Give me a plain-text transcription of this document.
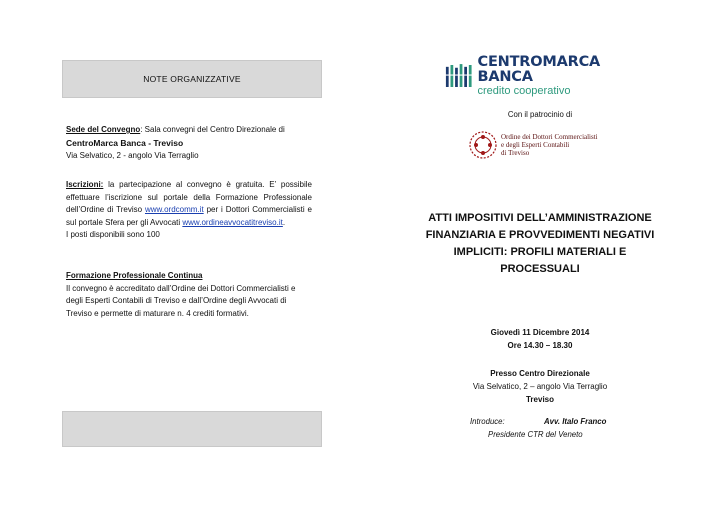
NOTE ORGANIZZATIVE
Sede del Convegno: Sala convegni del Centro Direzionale di
CentroMarca Banca - Treviso
Via Selvatico, 2 - angolo Via Terraglio
Iscrizioni: la partecipazione al convegno è gratuita. E’ possibile effettuare l’iscrizione sul portale della Formazione Professionale dell’Ordine di Treviso www.ordcomm.it per i Dottori Commercialisti e sul portale Sfera per gli Avvocati www.ordineavvocatitreviso.it.
I posti disponibili sono 100
Formazione Professionale Continua
Il convegno è accreditato dall’Ordine dei Dottori Commercialisti e degli Esperti Contabili di Treviso e dall’Ordine degli Avvocati di Treviso e permette di maturare n. 4 crediti formativi.
CENTROMARCA BANCA
credito cooperativo
Con il patrocinio di
Ordine dei Dottori Commercialisti
e degli Esperti Contabili
di Treviso
ATTI IMPOSITIVI DELL’AMMINISTRAZIONE
FINANZIARIA E PROVVEDIMENTI NEGATIVI
IMPLICITI: PROFILI MATERIALI E
PROCESSUALI
Giovedì 11 Dicembre 2014
Ore 14.30 – 18.30
Presso Centro Direzionale
Via Selvatico, 2 – angolo Via Terraglio
Treviso
Introduce:	Avv. Italo Franco
Presidente CTR del Veneto
